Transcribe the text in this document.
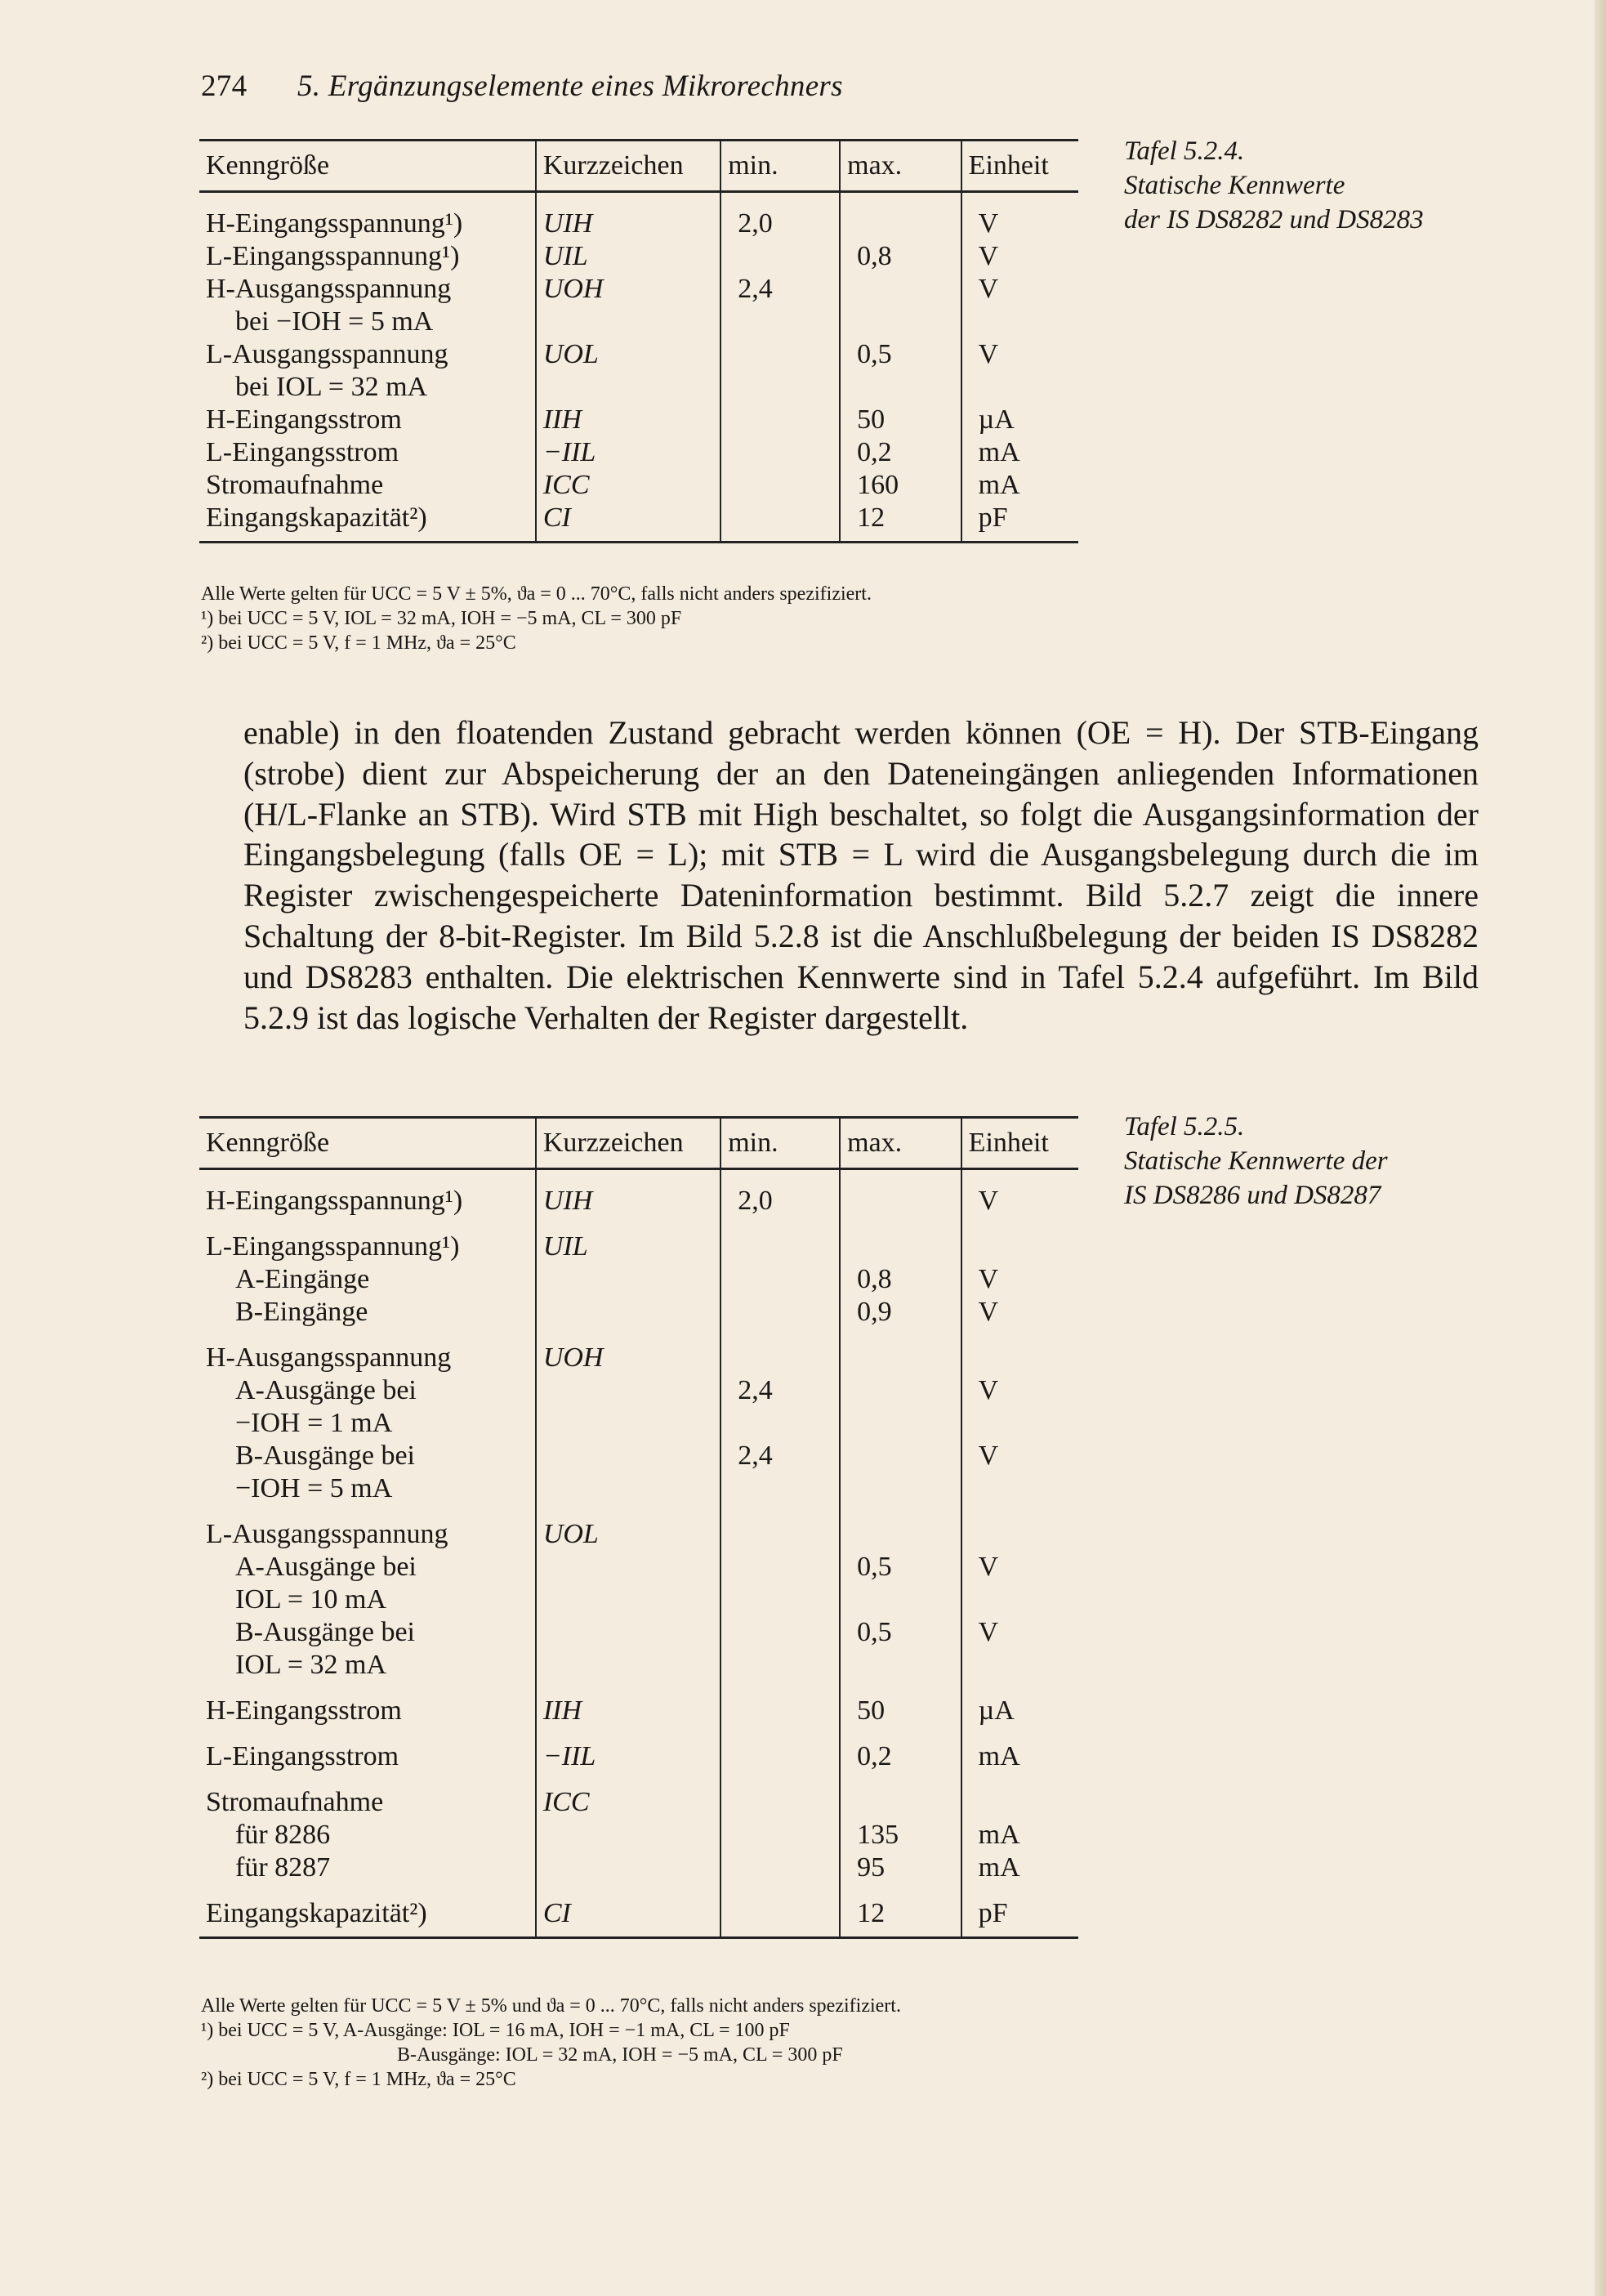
274 5. Ergänzungselemente eines Mikrorechners
Kenngröße	Kurzzeichen	min.	max.	Einheit
H-Eingangsspannung¹)	UIH	2,0		V
L-Eingangsspannung¹)	UIL		0,8	V
H-Ausgangsspannung	UOH	2,4		V
bei −IOH = 5 mA				
L-Ausgangsspannung	UOL		0,5	V
bei IOL = 32 mA				
H-Eingangsstrom	IIH		50	µA
L-Eingangsstrom	−IIL		0,2	mA
Stromaufnahme	ICC		160	mA
Eingangskapazität²)	CI		12	pF
Tafel 5.2.4.
Statische Kennwerte
der IS DS8282 und DS8283
Alle Werte gelten für UCC = 5 V ± 5%, ϑa = 0 ... 70°C, falls nicht anders spezifiziert.
¹) bei UCC = 5 V, IOL = 32 mA, IOH = −5 mA, CL = 300 pF
²) bei UCC = 5 V, f = 1 MHz, ϑa = 25°C

enable) in den floatenden Zustand gebracht werden können (OE = H). Der STB-Eingang (strobe) dient zur Abspeicherung der an den Dateneingängen anliegenden Informationen (H/L-Flanke an STB). Wird STB mit High beschaltet, so folgt die Ausgangsinformation der Eingangsbelegung (falls OE = L); mit STB = L wird die Ausgangsbelegung durch die im Register zwischengespeicherte Dateninformation bestimmt. Bild 5.2.7 zeigt die innere Schaltung der 8-bit-Register. Im Bild 5.2.8 ist die Anschlußbelegung der beiden IS DS8282 und DS8283 enthalten. Die elektrischen Kennwerte sind in Tafel 5.2.4 aufgeführt. Im Bild 5.2.9 ist das logische Verhalten der Register dargestellt.

Kenngröße	Kurzzeichen	min.	max.	Einheit
H-Eingangsspannung¹)	UIH	2,0		V
L-Eingangsspannung¹)	UIL			
A-Eingänge			0,8	V
B-Eingänge			0,9	V
H-Ausgangsspannung	UOH			
A-Ausgänge bei		2,4		V
−IOH = 1 mA				
B-Ausgänge bei		2,4		V
−IOH = 5 mA				
L-Ausgangsspannung	UOL			
A-Ausgänge bei			0,5	V
IOL = 10 mA				
B-Ausgänge bei			0,5	V
IOL = 32 mA				
H-Eingangsstrom	IIH		50	µA
L-Eingangsstrom	−IIL		0,2	mA
Stromaufnahme	ICC			
für 8286			135	mA
für 8287			95	mA
Eingangskapazität²)	CI		12	pF
Tafel 5.2.5.
Statische Kennwerte der
IS DS8286 und DS8287
Alle Werte gelten für UCC = 5 V ± 5% und ϑa = 0 ... 70°C, falls nicht anders spezifiziert.
¹) bei UCC = 5 V, A-Ausgänge: IOL = 16 mA, IOH = −1 mA, CL = 100 pF
B-Ausgänge: IOL = 32 mA, IOH = −5 mA, CL = 300 pF
²) bei UCC = 5 V, f = 1 MHz, ϑa = 25°C
